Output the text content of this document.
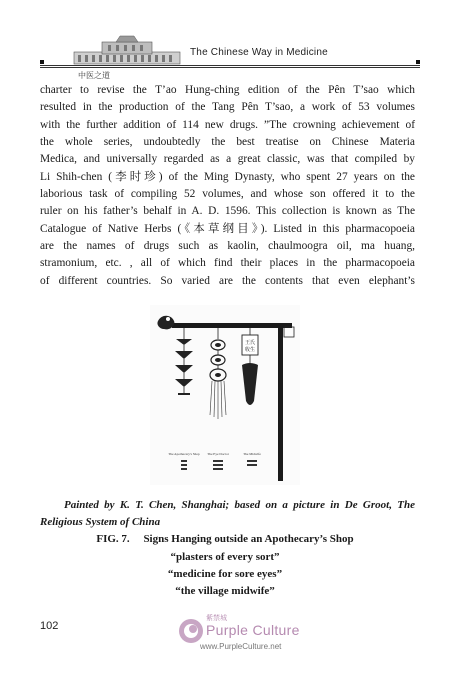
The Chinese Way in Medicine
中医之道
charter to revise the T’ao Hung-ching edition of the Pên T’sao which
resulted in the production of the Tang Pên T’sao, a work of 53 volumes
with the further addition of 114 new drugs. ”The crowning achievement of
the whole series, undoubtedly the best treatise on Chinese Materia
Medica, and universally regarded as a great classic, was that compiled by
Li Shih-chen (李时珍) of the Ming Dynasty, who spent 27 years on the
laborious task of compiling 52 volumes, and whose son offered it to the
ruler on his father’s behalf in A. D. 1596. This collection is known as The
Catalogue of Native Herbs (《本草纲目》). Listed in this pharmacopoeia
are the names of drugs such as kaolin, chaulmoogra oil, ma huang,
stramonium, etc. , all of which find their places in the pharmacopoeia
of different countries. So varied are the contents that even elephant’s
王氏
收生
The Apothecary's Shop The Eye Doctor	The Midwife
Painted by K. T. Chen, Shanghai; based on a picture in De Groot, The
Religious System of China
FIG. 7. Signs Hanging outside an Apothecary’s Shop
“plasters of every sort”
“medicine for sore eyes”
“the village midwife”
102
紫禁城
Purple Culture
www.PurpleCulture.net
